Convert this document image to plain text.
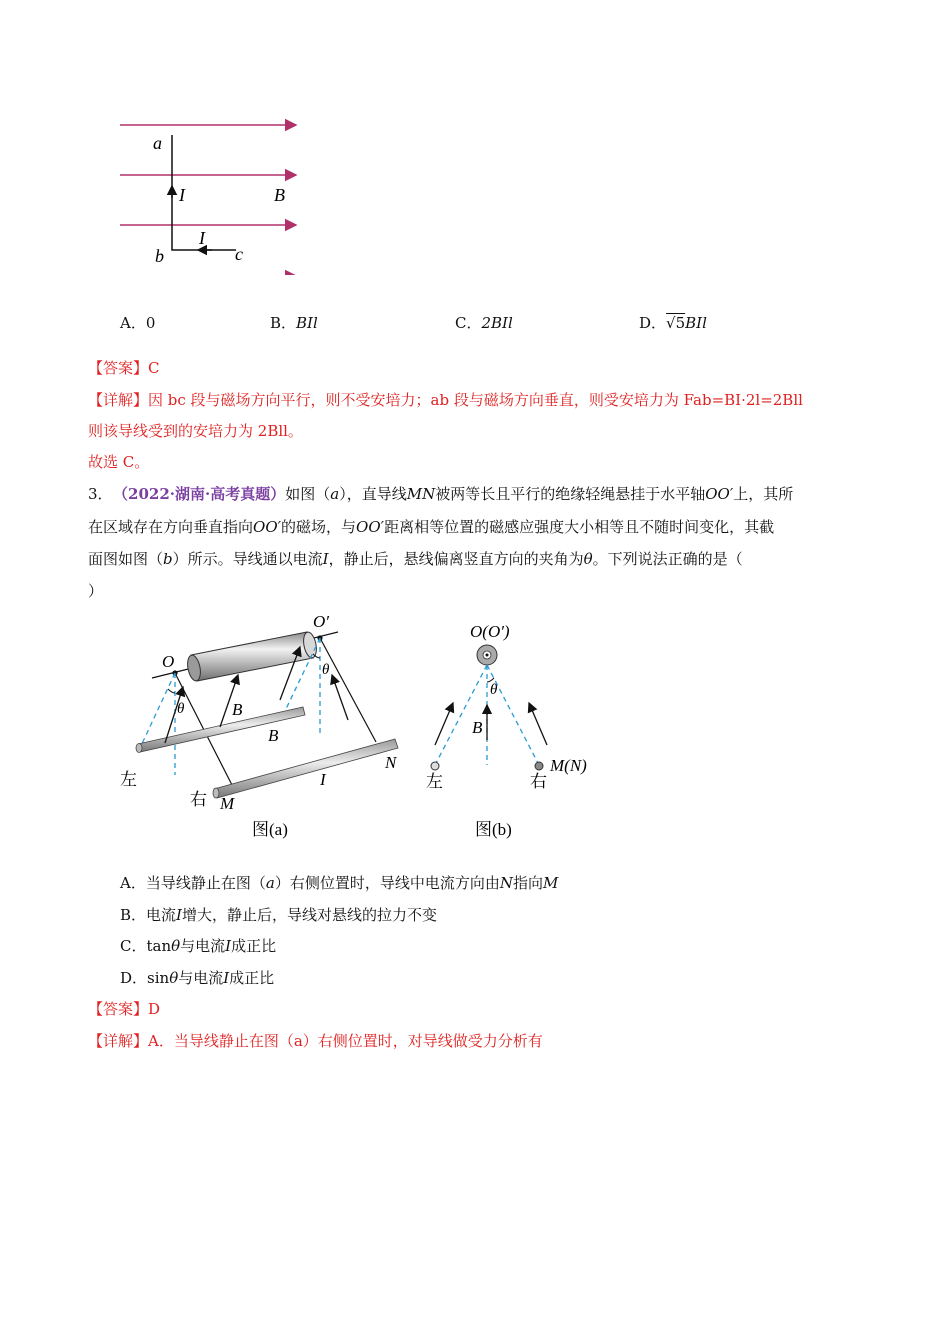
a
I	B
I
b	c
A．0	B．BIl	C．2BIl	D．√5BIl
【答案】C
【详解】因 bc 段与磁场方向平行，则不受安培力；ab 段与磁场方向垂直，则受安培力为 Fab=BI·2l=2Bll
则该导线受到的安培力为 2Bll。
故选 C。
3． （2022·湖南·高考真题）如图（a），直导线MN被两等长且平行的绝缘轻绳悬挂于水平轴OO′上，其所
在区域存在方向垂直指向OO′的磁场，与OO′距离相等位置的磁感应强度大小相等且不随时间变化，其截
面图如图（b）所示。导线通以电流I，静止后，悬线偏离竖直方向的夹角为θ。下列说法正确的是（
）
O
O′
θ
θ
B
B
I
N
M
左
右
图(a)
O(O′)
θ
B
M(N)
左	右
图(b)
A．当导线静止在图（a）右侧位置时，导线中电流方向由N指向M
B．电流I增大，静止后，导线对悬线的拉力不变
C．tanθ与电流I成正比
D．sinθ与电流I成正比
【答案】D
【详解】A．当导线静止在图（a）右侧位置时，对导线做受力分析有
